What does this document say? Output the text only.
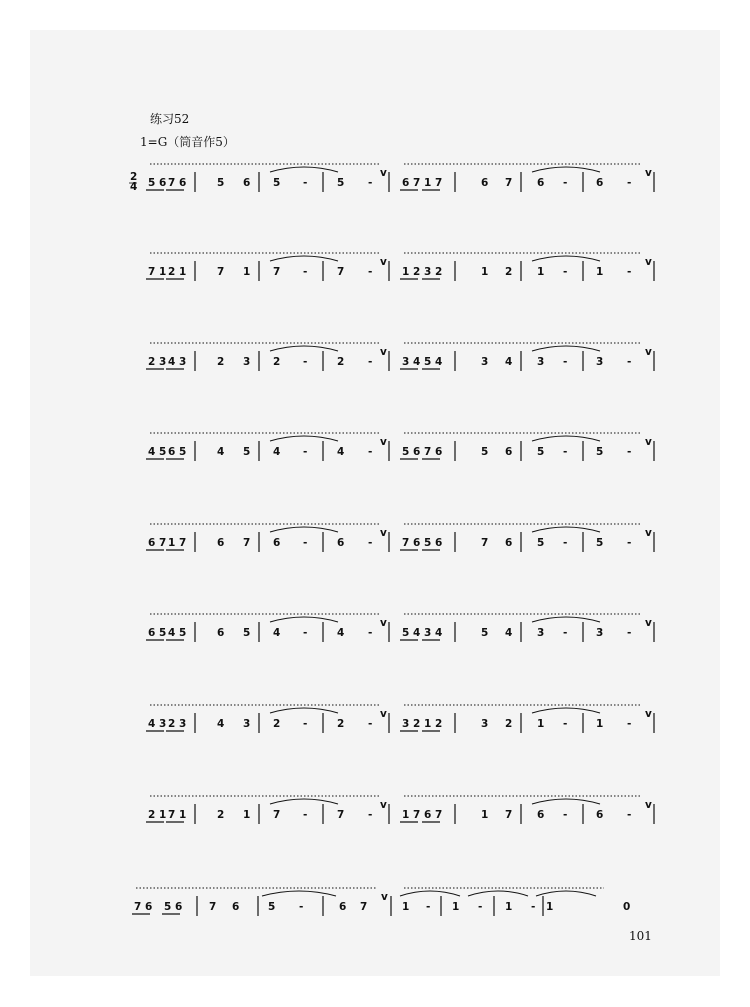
练习52
1=G（筒音作5）
101
2
4 5 6 7 6	5 6 5 -	5 -
v
6 7 1 7	6 7 6 -	6 -
v
7 1 2 1	7 1 7 -	7 -
v
1 2 3 2	1 2 1 -	1 -
v
2 3 4 3	2 3 2 -	2 -
v
3 4 5 4	3 4 3 -	3 -
v
4 5 6 5	4 5 4 -	4 -
v
5 6 7 6	5 6 5 -	5 -
v
6 7 1 7	6 7 6 -	6 -
v
7 6 5 6	7 6 5 -	5 -
v
6 5 4 5	6 5 4 -	4 -
v
5 4 3 4	5 4 3 -	3 -
v
4 3 2 3	4 3 2 -	2 -
v
3 2 1 2	3 2 1 -	1 -
v
2 1 7 1	2 1 7 -	7 -
v
1 7 6 7	1 7 6 -	6 -
v
7 6 5 6	7 6	5 -	6 7
v
1 - 1 - 1 - 1	0
